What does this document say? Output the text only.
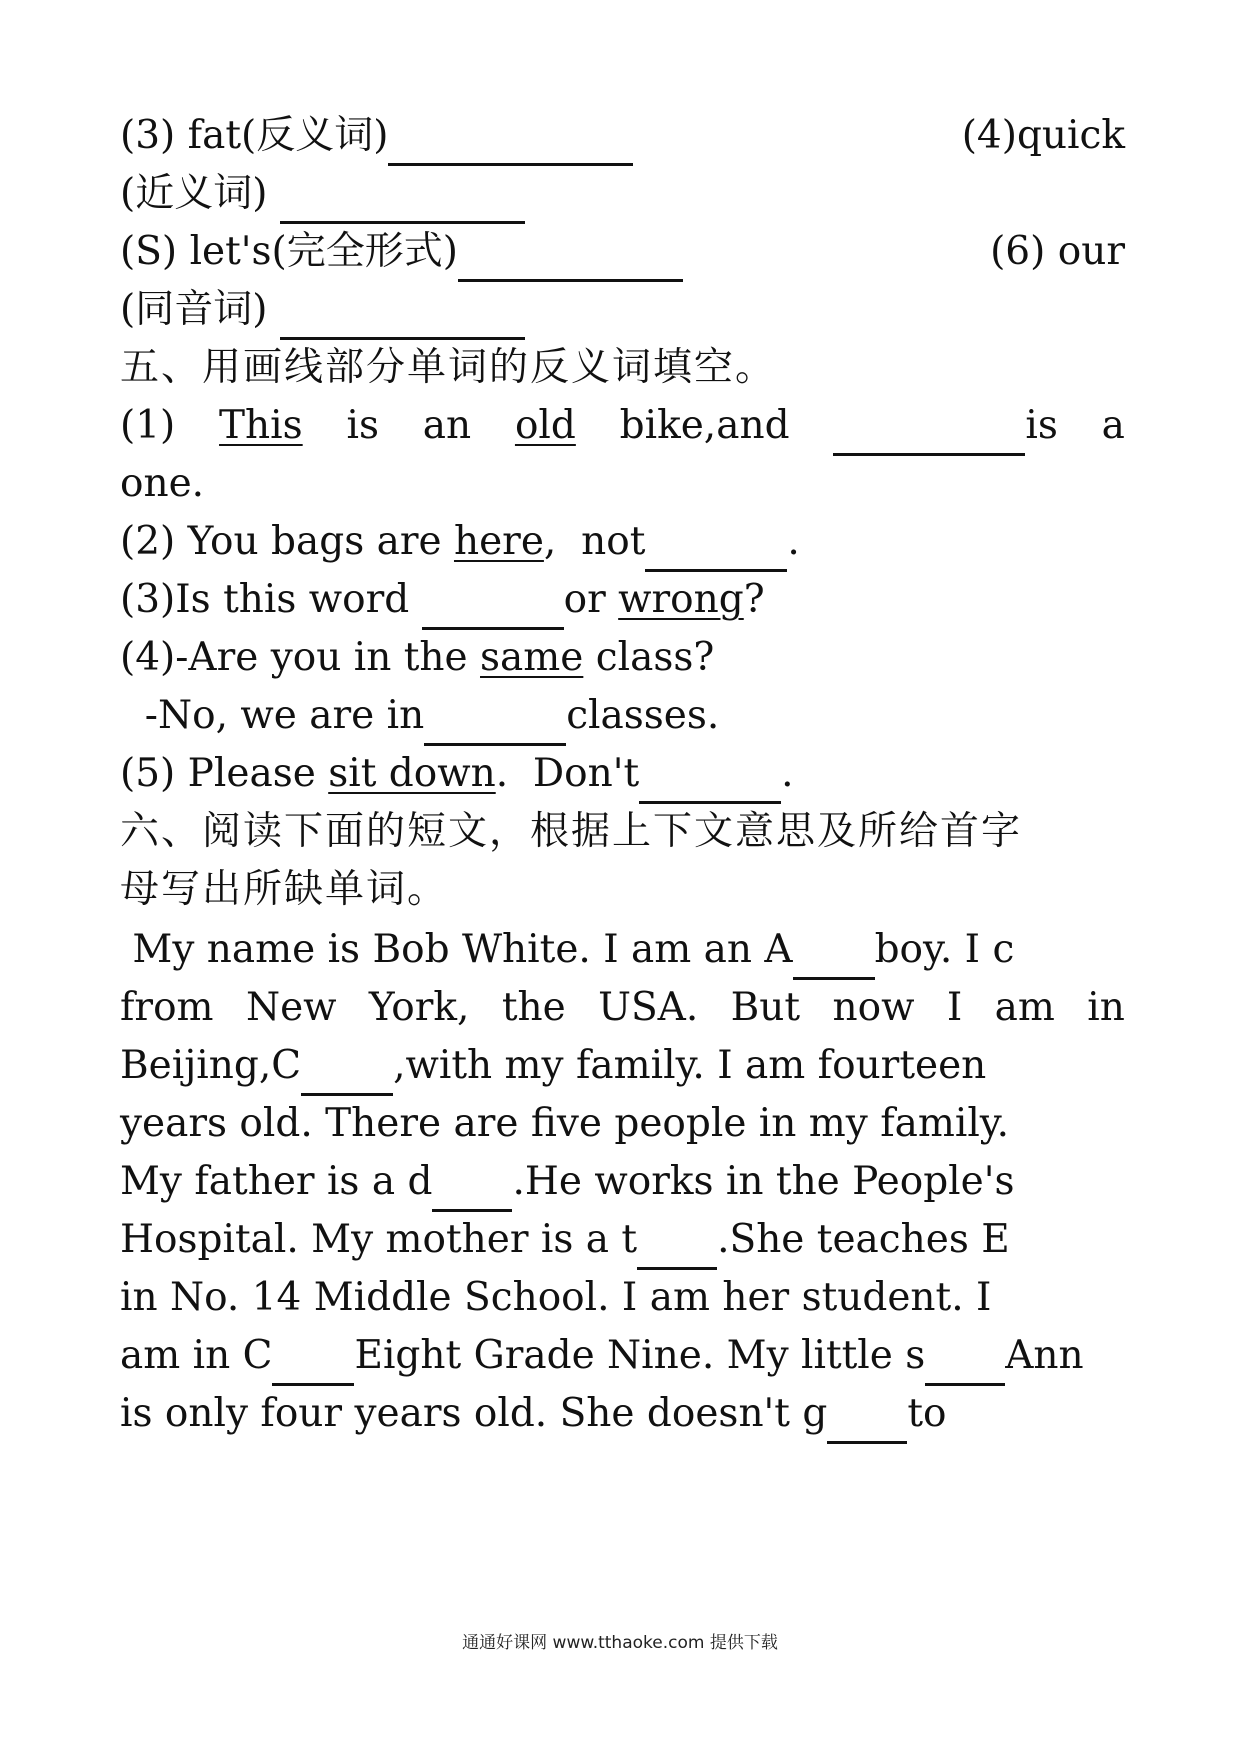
(3) fat(反义词)	(4)quick
(近义词)
(S) let's(完全形式)	(6) our
(同音词)
五、用画线部分单词的反义词填空。
(1) This is an old bike,and	is a
one.
(2) You bags are here,  not	.
(3)Is this word	or wrong?
(4)-Are you in the same class?
-No, we are in	classes.
(5) Please sit down.  Don't	.
六、阅读下面的短文，根据上下文意思及所给首字
母写出所缺单词。
My name is Bob White. I am an A boy. I c
from New York, the USA. But now I am in
Beijing,C ,with my family. I am fourteen
years old. There are five people in my family.
My father is a d .He works in the People's
Hospital. My mother is a t .She teaches E
in No. 14 Middle School. I am her student. I
am in C Eight Grade Nine. My little s Ann
is only four years old. She doesn't g to
通通好课网 www.tthaoke.com 提供下载
